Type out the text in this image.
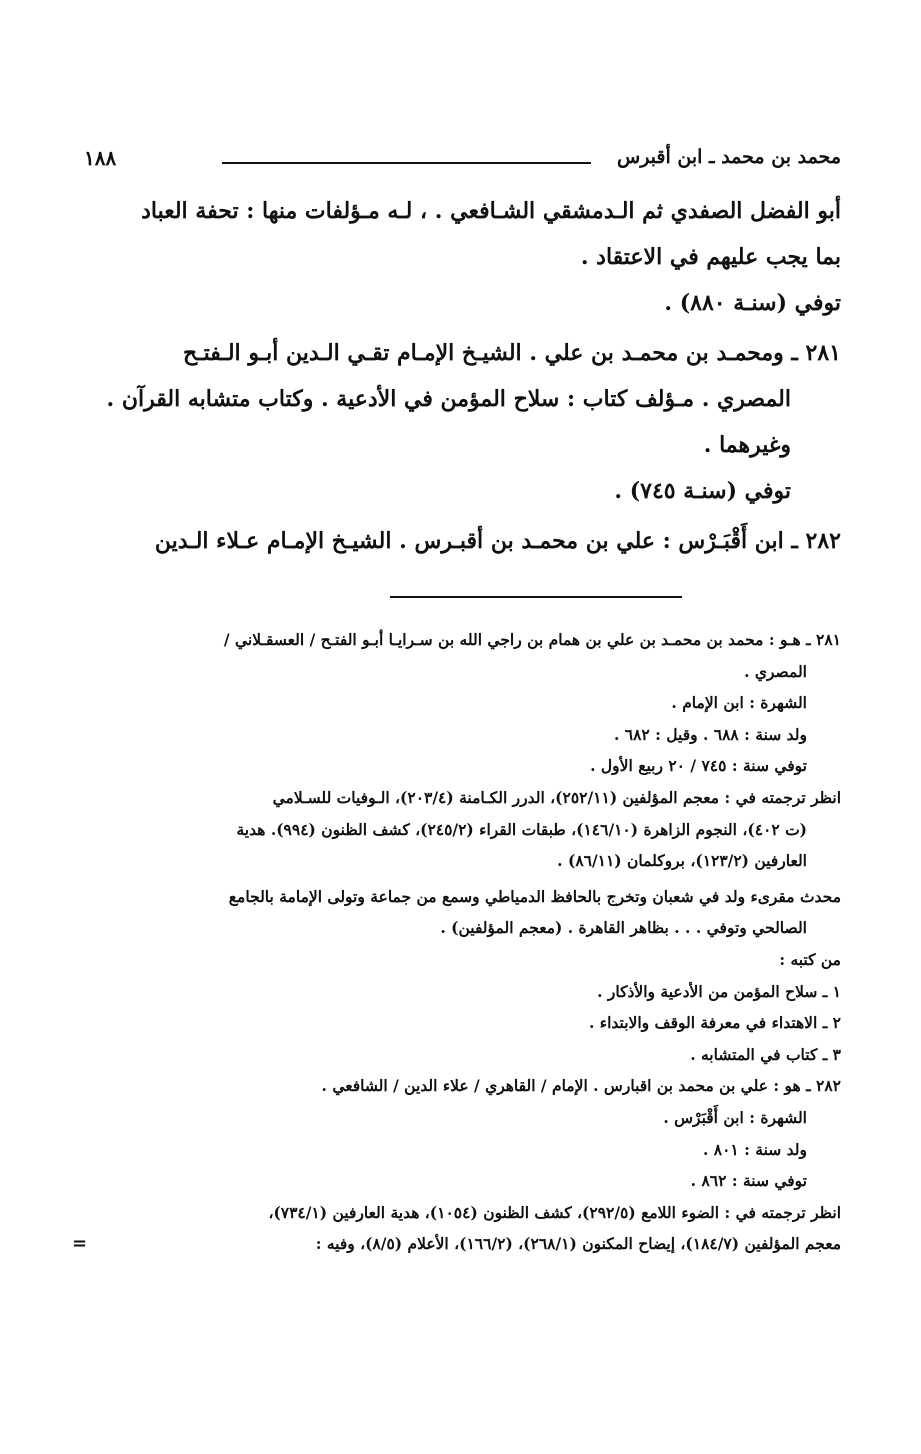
محمد بن محمد ـ ابن أقبرس
١٨٨

أبو الفضل الصفدي ثم الـدمشقي الشـافعي . ، لـه مـؤلفات منها : تحفة العباد

بما يجب عليهم في الاعتقاد .

توفي (سنـة ٨٨٠) .

٢٨١ ـ ومحمـد بن محمـد بن علي . الشيـخ الإمـام تقـي الـدين أبـو الـفتـح

المصري . مـؤلف كتاب : سلاح المؤمن في الأدعية . وكتاب متشابه القرآن .

وغيرهما .

توفي (سنـة ٧٤٥) .

٢٨٢ ـ ابن أَقْبَـرْس : علي بن محمـد بن أقبـرس . الشيـخ الإمـام عـلاء الـدين

٢٨١ ـ هـو : محمد بن محمـد بن علي بن همام بن راجي الله بن سـرايـا أبـو الفتـح / العسقـلاني /

المصري .

الشهرة : ابن الإمام .

ولد سنة : ٦٨٨ . وقيل : ٦٨٢ .

توفي سنة : ٧٤٥ / ٢٠ ربيع الأول .

انظر ترجمته في : معجم المؤلفين (٢٥٢/١١)، الدرر الكـامنة (٢٠٣/٤)، الـوفيات للسـلامي

(ت ٤٠٢)، النجوم الزاهرة (١٤٦/١٠)، طبقات القراء (٢٤٥/٢)، كشف الظنون (٩٩٤). هدية

العارفين (١٢٣/٢)، بروكلمان (٨٦/١١) .

محدث مقرىء ولد في شعبان وتخرج بالحافظ الدمياطي وسمع من جماعة وتولى الإمامة بالجامع

الصالحي وتوفي . . . بظاهر القاهرة . (معجم المؤلفين) .

من كتبه :

١ ـ سلاح المؤمن من الأدعية والأذكار .

٢ ـ الاهتداء في معرفة الوقف والابتداء .

٣ ـ كتاب في المتشابه .

٢٨٢ ـ هو : علي بن محمد بن اقبارس . الإمام / القاهري / علاء الدين / الشافعي .

الشهرة : ابن أَقْبَرْس .

ولد سنة : ٨٠١ .

توفي سنة : ٨٦٢ .

انظر ترجمته في : الضوء اللامع (٢٩٢/٥)، كشف الظنون (١٠٥٤)، هدية العارفين (٧٣٤/١)،

معجم المؤلفين (١٨٤/٧)، إيضاح المكنون (٢٦٨/١)، (١٦٦/٢)، الأعلام (٨/٥)، وفيه :
=
